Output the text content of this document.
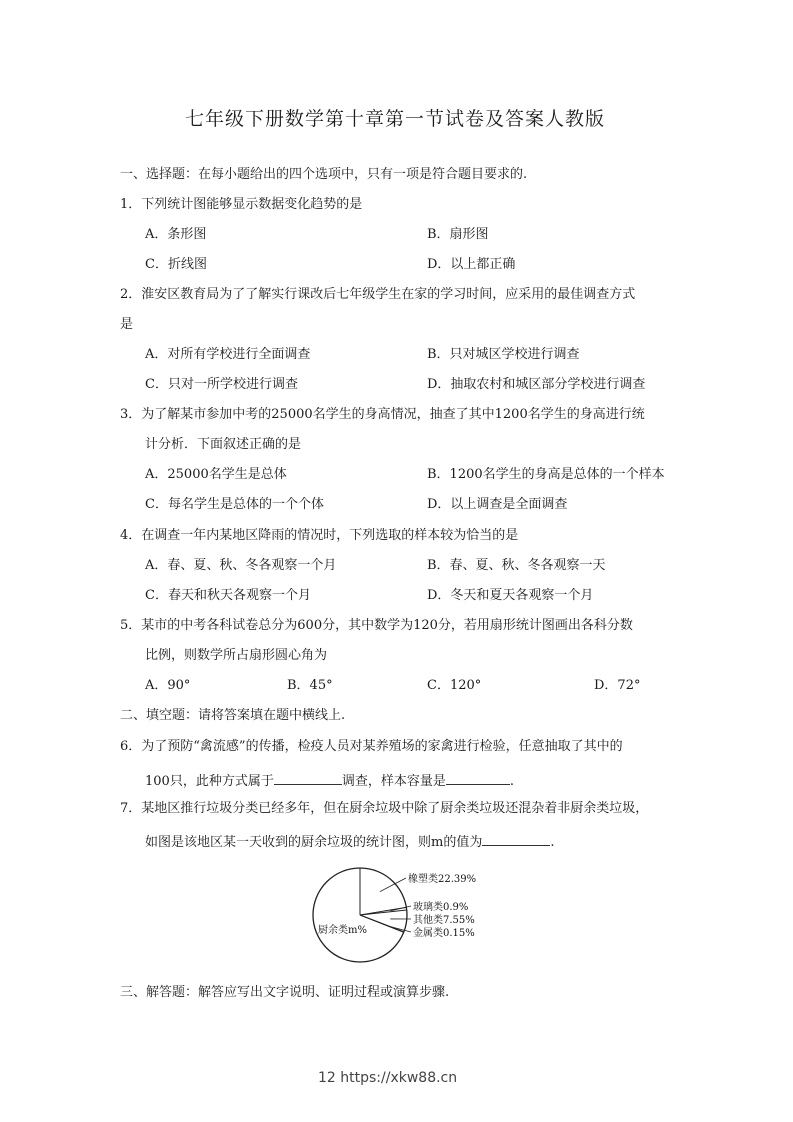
七年级下册数学第十章第一节试卷及答案人教版
一、选择题：在每小题给出的四个选项中，只有一项是符合题目要求的.
1．下列统计图能够显示数据变化趋势的是
A．条形图	B．扇形图
C．折线图	D．以上都正确
2．淮安区教育局为了了解实行课改后七年级学生在家的学习时间，应采用的最佳调查方式
是
A．对所有学校进行全面调查	B．只对城区学校进行调查
C．只对一所学校进行调查	D．抽取农村和城区部分学校进行调查
3．为了解某市参加中考的25000名学生的身高情况，抽查了其中1200名学生的身高进行统
计分析．下面叙述正确的是
A．25000名学生是总体	B．1200名学生的身高是总体的一个样本
C．每名学生是总体的一个个体	D．以上调查是全面调查
4．在调查一年内某地区降雨的情况时，下列选取的样本较为恰当的是
A．春、夏、秋、冬各观察一个月	B．春、夏、秋、冬各观察一天
C．春天和秋天各观察一个月	D．冬天和夏天各观察一个月
5．某市的中考各科试卷总分为600分，其中数学为120分，若用扇形统计图画出各科分数
比例，则数学所占扇形圆心角为
A．90°	B．45°	C．120°	D．72°
二、填空题：请将答案填在题中横线上.
6．为了预防“禽流感”的传播，检疫人员对某养殖场的家禽进行检验，任意抽取了其中的
100只，此种方式属于	调查，样本容量是	.
7．某地区推行垃圾分类已经多年，但在厨余垃圾中除了厨余类垃圾还混杂着非厨余类垃圾，
如图是该地区某一天收到的厨余垃圾的统计图，则m的值为	.
橡塑类22.39%
玻璃类0.9%
其他类7.55%
金属类0.15%
厨余类m%
三、解答题：解答应写出文字说明、证明过程或演算步骤.
12 https://xkw88.cn
